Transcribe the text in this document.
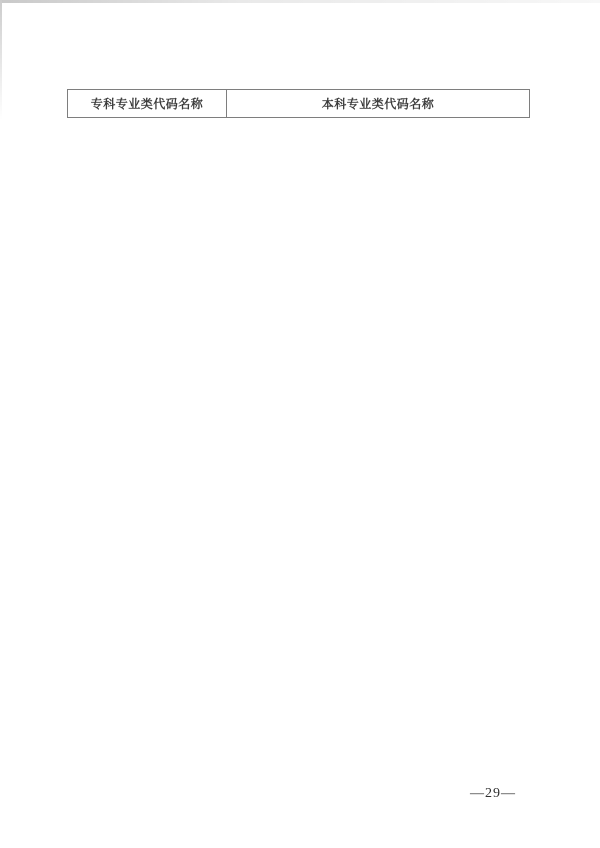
专科专业类代码名称	本科专业类代码名称
—29—
